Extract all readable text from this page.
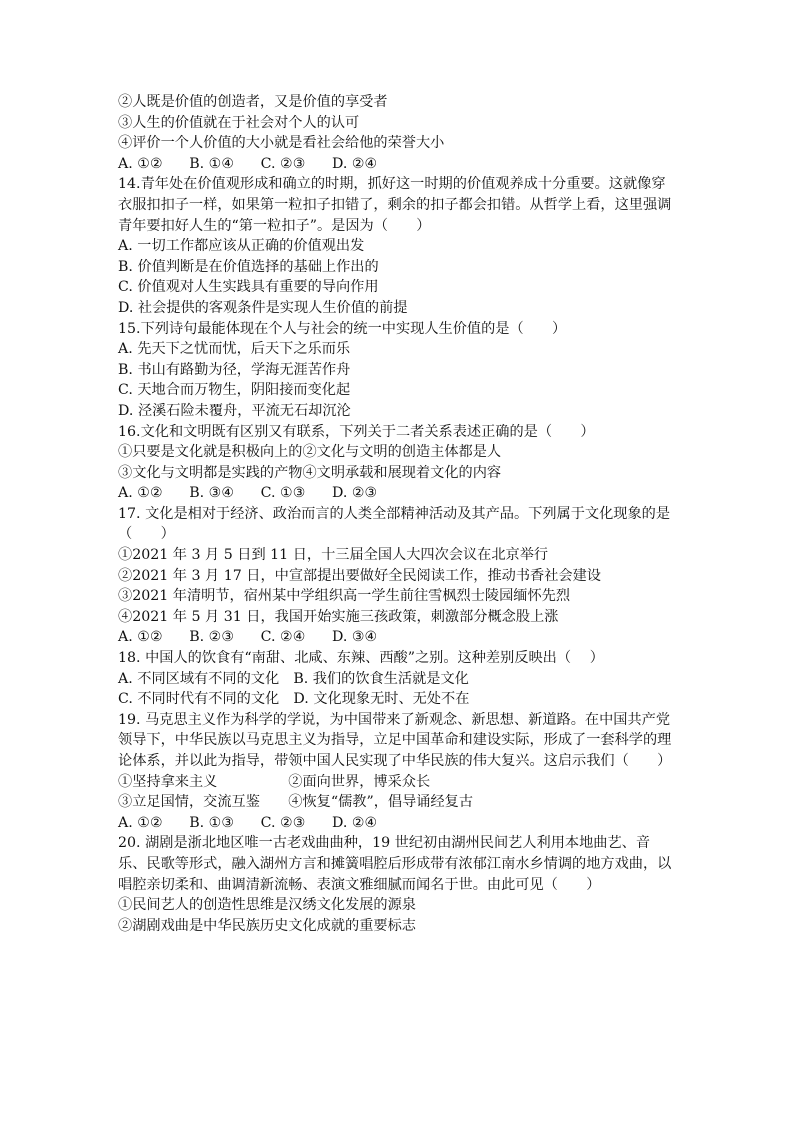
②人既是价值的创造者，又是价值的享受者
③人生的价值就在于社会对个人的认可
④评价一个人价值的大小就是看社会给他的荣誉大小
A. ①② B. ①④ C. ②③ D. ②④
14.青年处在价值观形成和确立的时期，抓好这一时期的价值观养成十分重要。这就像穿衣服扣扣子一样，如果第一粒扣子扣错了，剩余的扣子都会扣错。从哲学上看，这里强调青年要扣好人生的“第一粒扣子”。是因为（　　）
A. 一切工作都应该从正确的价值观出发
B. 价值判断是在价值选择的基础上作出的
C. 价值观对人生实践具有重要的导向作用
D. 社会提供的客观条件是实现人生价值的前提
15.下列诗句最能体现在个人与社会的统一中实现人生价值的是（　　）
A. 先天下之忧而忧，后天下之乐而乐
B. 书山有路勤为径，学海无涯苦作舟
C. 天地合而万物生，阴阳接而变化起
D. 泾溪石险未覆舟，平流无石却沉沦
16.文化和文明既有区别又有联系，下列关于二者关系表述正确的是（　　）
①只要是文化就是积极向上的②文化与文明的创造主体都是人
③文化与文明都是实践的产物④文明承载和展现着文化的内容
A. ①② B. ③④ C. ①③ D. ②③
17. 文化是相对于经济、政治而言的人类全部精神活动及其产品。下列属于文化现象的是（　　）
①2021 年 3 月 5 日到 11 日，十三届全国人大四次会议在北京举行
②2021 年 3 月 17 日，中宣部提出要做好全民阅读工作，推动书香社会建设
③2021 年清明节，宿州某中学组织高一学生前往雪枫烈士陵园缅怀先烈
④2021 年 5 月 31 日，我国开始实施三孩政策，刺激部分概念股上涨
A. ①② B. ②③ C. ②④ D. ③④
18. 中国人的饮食有“南甜、北咸、东辣、西酸”之别。这种差别反映出（　 ）
A. 不同区域有不同的文化　B. 我们的饮食生活就是文化
C. 不同时代有不同的文化　D. 文化现象无时、无处不在
19. 马克思主义作为科学的学说，为中国带来了新观念、新思想、新道路。在中国共产党领导下，中华民族以马克思主义为指导，立足中国革命和建设实际，形成了一套科学的理论体系，并以此为指导，带领中国人民实现了中华民族的伟大复兴。这启示我们（　　）
①坚持拿来主义　　　　　②面向世界，博采众长
③立足国情，交流互鉴　　④恢复“儒教”，倡导诵经复古
A. ①② B. ①③ C. ②③ D. ②④
20. 湖剧是浙北地区唯一古老戏曲曲种，19 世纪初由湖州民间艺人利用本地曲艺、音乐、民歌等形式，融入湖州方言和摊簧唱腔后形成带有浓郁江南水乡情调的地方戏曲，以唱腔亲切柔和、曲调清新流畅、表演文雅细腻而闻名于世。由此可见（　　）
①民间艺人的创造性思维是汉绣文化发展的源泉
②湖剧戏曲是中华民族历史文化成就的重要标志
